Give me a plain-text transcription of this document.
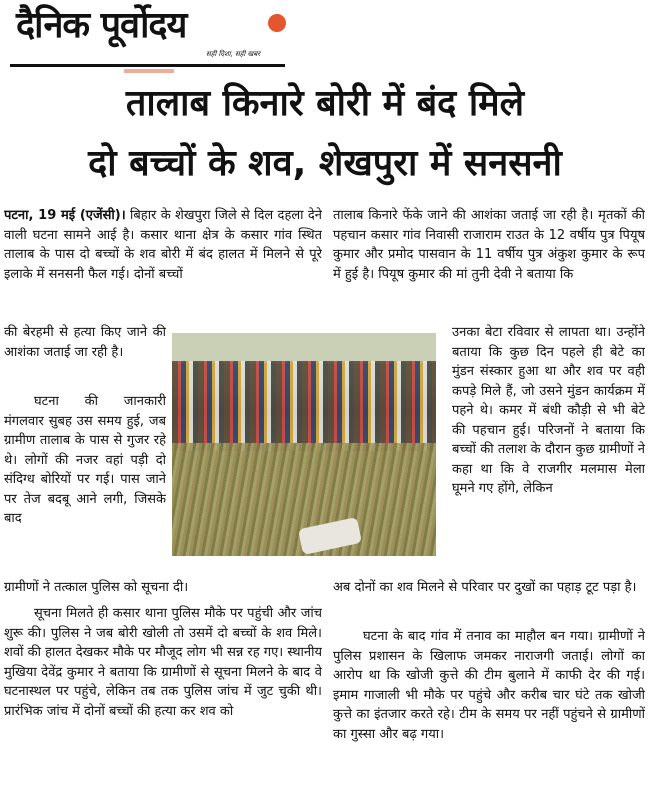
दैनिक पूर्वोदय
सही दिशा, सही खबर
तालाब किनारे बोरी में बंद मिले
दो बच्चों के शव, शेखपुरा में सनसनी
पटना, 19 मई (एजेंसी)। बिहार के शेखपुरा जिले से दिल दहला देने वाली घटना सामने आई है। कसार थाना क्षेत्र के कसार गांव स्थित तालाब के पास दो बच्चों के शव बोरी में बंद हालत में मिलने से पूरे इलाके में सनसनी फैल गई। दोनों बच्चों
की बेरहमी से हत्या किए जाने की आशंका जताई जा रही है।
घटना की जानकारी मंगलवार सुबह उस समय हुई, जब ग्रामीण तालाब के पास से गुजर रहे थे। लोगों की नजर वहां पड़ी दो संदिग्ध बोरियों पर गई। पास जाने पर तेज बदबू आने लगी, जिसके बाद
ग्रामीणों ने तत्काल पुलिस को सूचना दी।
सूचना मिलते ही कसार थाना पुलिस मौके पर पहुंची और जांच शुरू की। पुलिस ने जब बोरी खोली तो उसमें दो बच्चों के शव मिले। शवों की हालत देखकर मौके पर मौजूद लोग भी सन्न रह गए। स्थानीय मुखिया देवेंद्र कुमार ने बताया कि ग्रामीणों से सूचना मिलने के बाद वे घटनास्थल पर पहुंचे, लेकिन तब तक पुलिस जांच में जुट चुकी थी। प्रारंभिक जांच में दोनों बच्चों की हत्या कर शव को
तालाब किनारे फेंके जाने की आशंका जताई जा रही है। मृतकों की पहचान कसार गांव निवासी राजाराम राउत के 12 वर्षीय पुत्र पियूष कुमार और प्रमोद पासवान के 11 वर्षीय पुत्र अंकुश कुमार के रूप में हुई है। पियूष कुमार की मां तुनी देवी ने बताया कि
उनका बेटा रविवार से लापता था। उन्होंने बताया कि कुछ दिन पहले ही बेटे का मुंडन संस्कार हुआ था और शव पर वही कपड़े मिले हैं, जो उसने मुंडन कार्यक्रम में पहने थे। कमर में बंधी कौड़ी से भी बेटे की पहचान हुई। परिजनों ने बताया कि बच्चों की तलाश के दौरान कुछ ग्रामीणों ने कहा था कि वे राजगीर मलमास मेला घूमने गए होंगे, लेकिन
अब दोनों का शव मिलने से परिवार पर दुखों का पहाड़ टूट पड़ा है।
घटना के बाद गांव में तनाव का माहौल बन गया। ग्रामीणों ने पुलिस प्रशासन के खिलाफ जमकर नाराजगी जताई। लोगों का आरोप था कि खोजी कुत्ते की टीम बुलाने में काफी देर की गई। इमाम गाजाली भी मौके पर पहुंचे और करीब चार घंटे तक खोजी कुत्ते का इंतजार करते रहे। टीम के समय पर नहीं पहुंचने से ग्रामीणों का गुस्सा और बढ़ गया।
